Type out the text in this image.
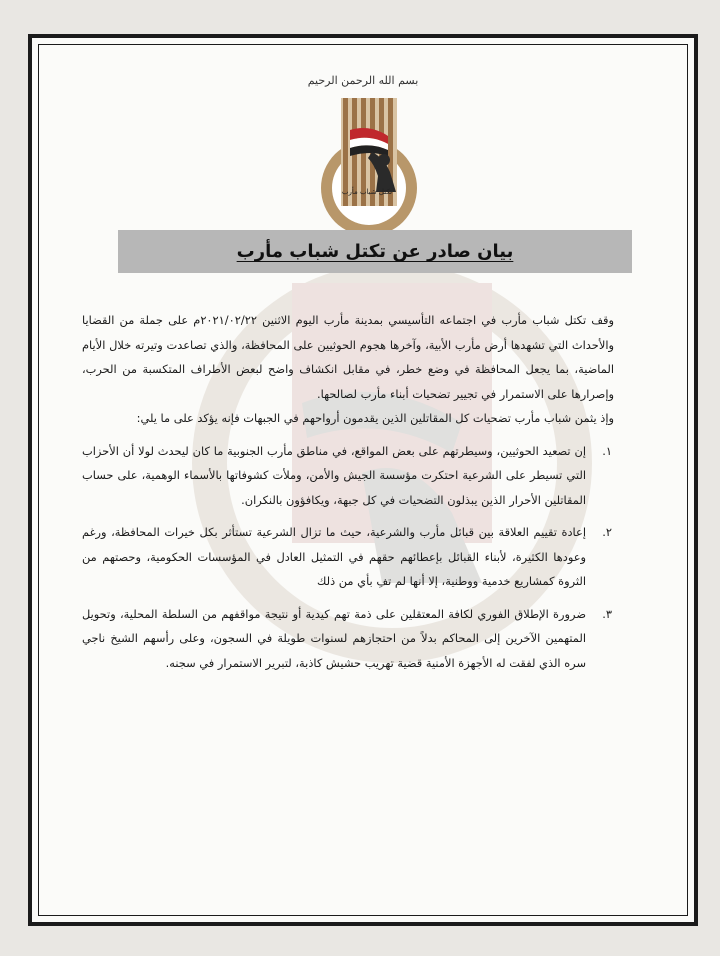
بسم الله الرحمن الرحيم
تكتل شباب مأرب
بيان صادر عن تكتل شباب مأرب

وقف تكتل شباب مأرب في اجتماعه التأسيسي بمدينة مأرب اليوم الاثنين ٢٠٢١/٠٢/٢٢م على جملة من القضايا والأحداث التي تشهدها أرض مأرب الأبية، وآخرها هجوم الحوثيين على المحافظة، والذي تصاعدت وتيرته خلال الأيام الماضية، بما يجعل المحافظة في وضع خطر، في مقابل انكشاف واضح لبعض الأطراف المتكسبة من الحرب، وإصرارها على الاستمرار في تجيير تضحيات أبناء مأرب لصالحها.

وإذ يثمن شباب مأرب تضحيات كل المقاتلين الذين يقدمون أرواحهم في الجبهات فإنه يؤكد على ما يلي:

١.
إن تصعيد الحوثيين، وسيطرتهم على بعض المواقع، في مناطق مأرب الجنوبية ما كان ليحدث لولا أن الأحزاب التي تسيطر على الشرعية احتكرت مؤسسة الجيش والأمن، وملأت كشوفاتها بالأسماء الوهمية، على حساب المقاتلين الأحرار الذين يبذلون التضحيات في كل جبهة، ويكافؤون بالنكران.
٢.
إعادة تقييم العلاقة بين قبائل مأرب والشرعية، حيث ما تزال الشرعية تستأثر بكل خيرات المحافظة، ورغم وعودها الكثيرة، لأبناء القبائل بإعطائهم حقهم في التمثيل العادل في المؤسسات الحكومية، وحصتهم من الثروة كمشاريع خدمية ووطنية، إلا أنها لم تفِ بأي من ذلك
٣.
ضرورة الإطلاق الفوري لكافة المعتقلين على ذمة تهم كيدية أو نتيجة مواقفهم من السلطة المحلية، وتحويل المتهمين الآخرين إلى المحاكم بدلاً من احتجازهم لسنوات طويلة في السجون، وعلى رأسهم الشيخ ناجي سره الذي لفقت له الأجهزة الأمنية قضية تهريب حشيش كاذبة، لتبرير الاستمرار في سجنه.
